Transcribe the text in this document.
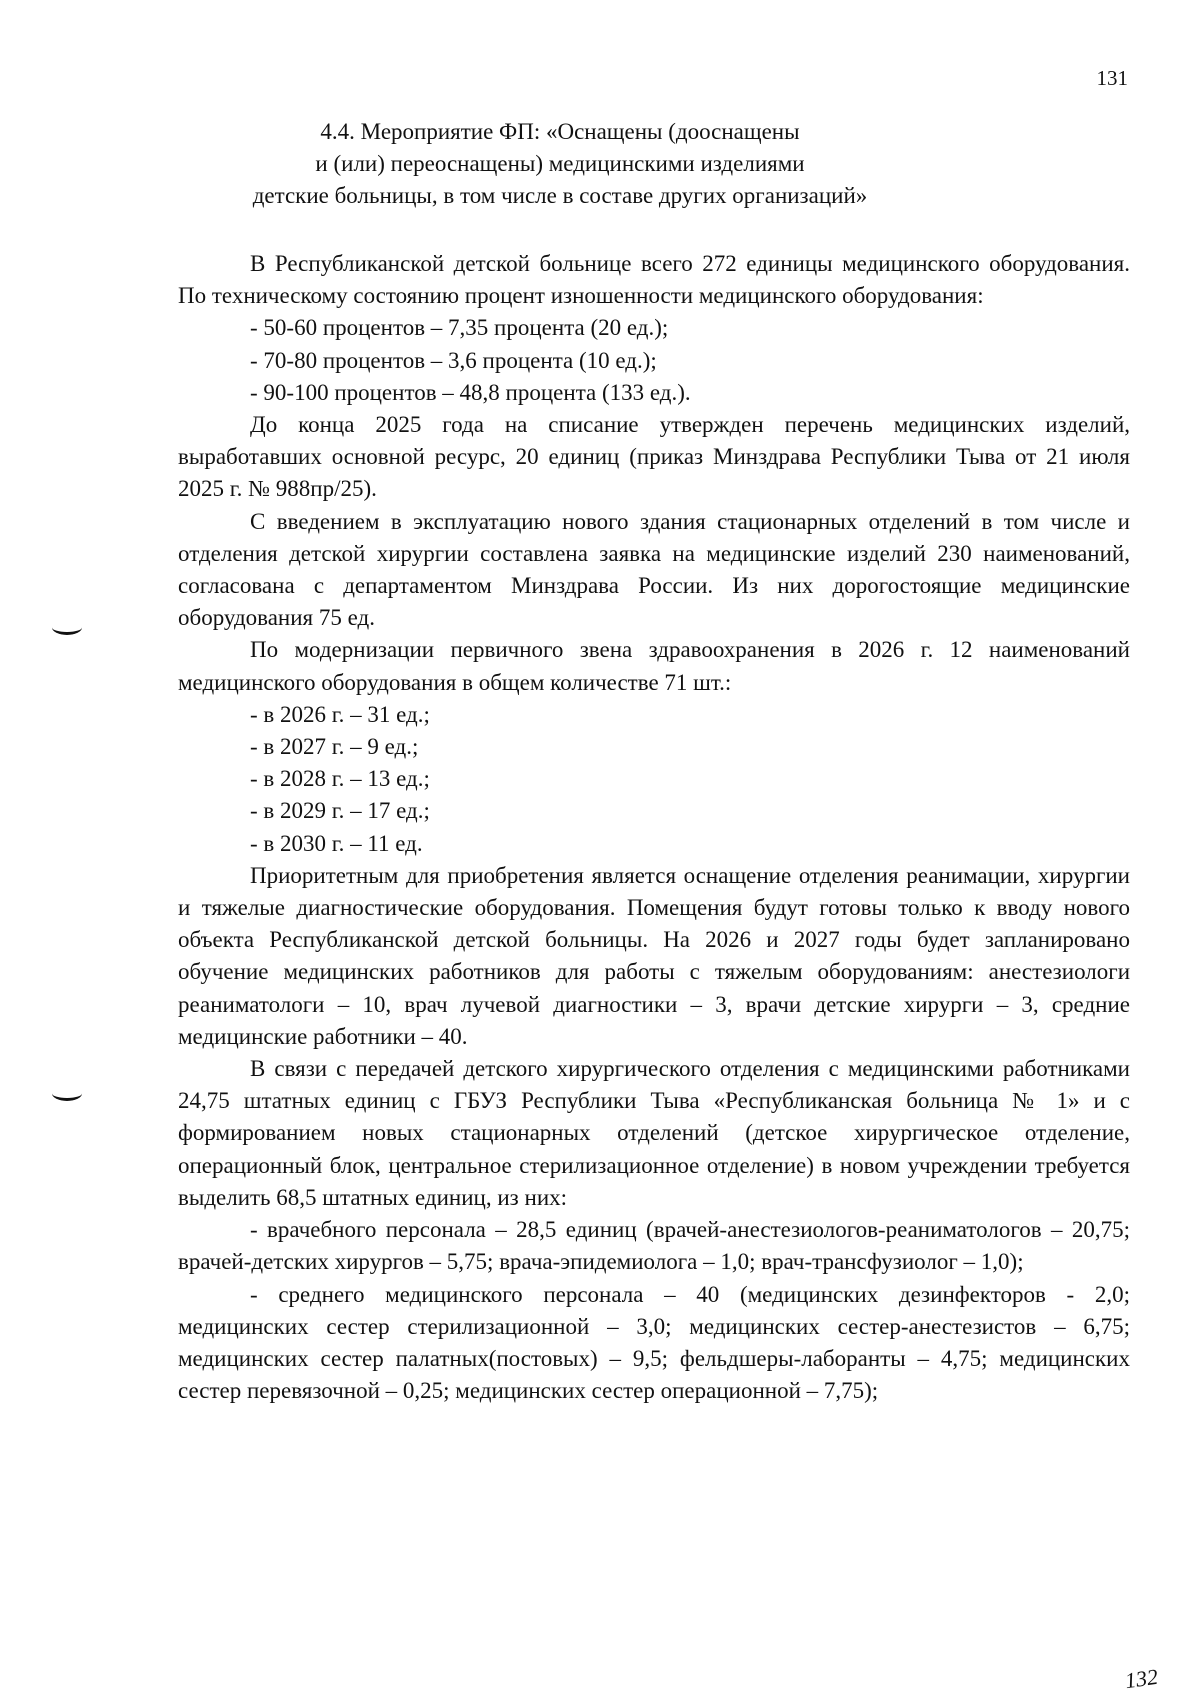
131
4.4. Мероприятие ФП: «Оснащены (дооснащены
и (или) переоснащены) медицинскими изделиями
детские больницы, в том числе в составе других организаций»

В Республиканской детской больнице всего 272 единицы медицинского оборудования. По техническому состоянию процент изношенности медицинского оборудования:

- 50-60 процентов – 7,35 процента (20 ед.);

- 70-80 процентов – 3,6 процента (10 ед.);

- 90-100 процентов – 48,8 процента (133 ед.).

До конца 2025 года на списание утвержден перечень медицинских изделий, выработавших основной ресурс, 20 единиц (приказ Минздрава Республики Тыва от 21 июля 2025 г. № 988пр/25).

С введением в эксплуатацию нового здания стационарных отделений в том числе и отделения детской хирургии составлена заявка на медицинские изделий 230 наименований, согласована с департаментом Минздрава России. Из них дорогостоящие медицинские оборудования 75 ед.

По модернизации первичного звена здравоохранения в 2026 г. 12 наименований медицинского оборудования в общем количестве 71 шт.:

- в 2026 г. – 31 ед.;

- в 2027 г. – 9 ед.;

- в 2028 г. – 13 ед.;

- в 2029 г. – 17 ед.;

- в 2030 г. – 11 ед.

Приоритетным для приобретения является оснащение отделения реанимации, хирургии и тяжелые диагностические оборудования. Помещения будут готовы только к вводу нового объекта Республиканской детской больницы. На 2026 и 2027 годы будет запланировано обучение медицинских работников для работы с тяжелым оборудованиям: анестезиологи реаниматологи – 10, врач лучевой диагностики – 3, врачи детские хирурги – 3, средние медицинские работники – 40.

В связи с передачей детского хирургического отделения с медицинскими работниками 24,75 штатных единиц с ГБУЗ Республики Тыва «Республиканская больница № 1» и с формированием новых стационарных отделений (детское хирургическое отделение, операционный блок, центральное стерилизационное отделение) в новом учреждении требуется выделить 68,5 штатных единиц, из них:

- врачебного персонала – 28,5 единиц (врачей-анестезиологов-реаниматологов – 20,75; врачей-детских хирургов – 5,75; врача-эпидемиолога – 1,0; врач-трансфузиолог – 1,0);

- среднего медицинского персонала – 40 (медицинских дезинфекторов - 2,0; медицинских сестер стерилизационной – 3,0; медицинских сестер-анестезистов – 6,75; медицинских сестер палатных(постовых) – 9,5; фельдшеры-лаборанты – 4,75; медицинских сестер перевязочной – 0,25; медицинских сестер операционной – 7,75);

132
